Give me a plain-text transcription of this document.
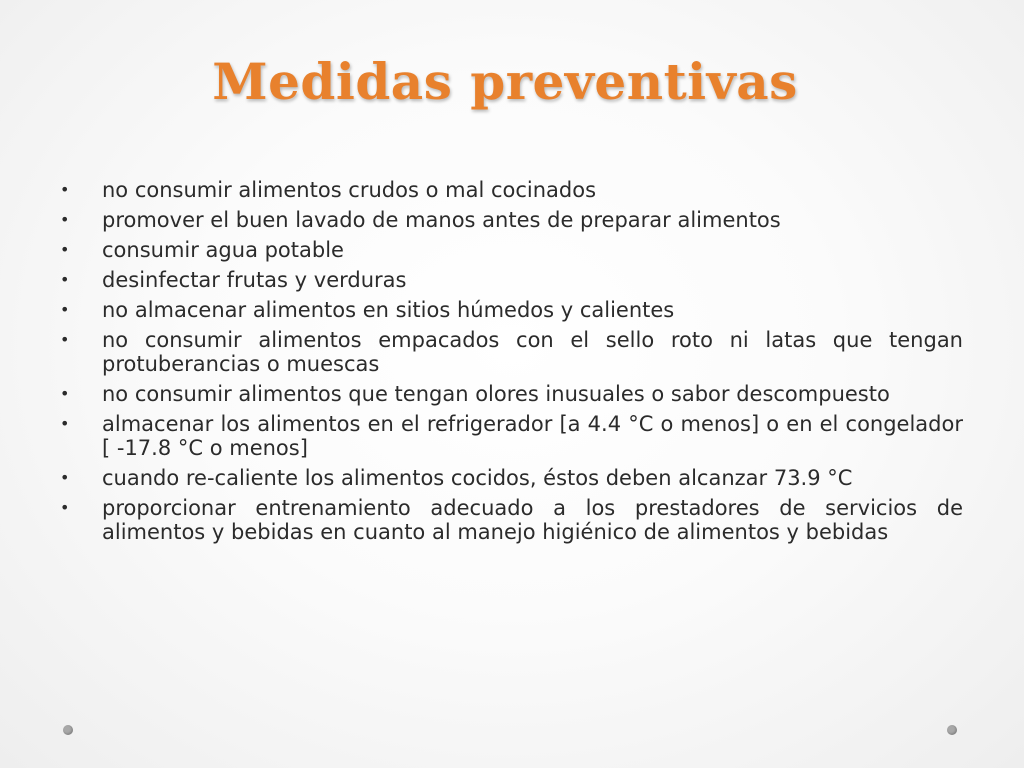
Medidas preventivas
• no consumir alimentos crudos o mal cocinados
• promover el buen lavado de manos antes de preparar alimentos
• consumir agua potable
• desinfectar frutas y verduras
• no almacenar alimentos en sitios húmedos y calientes
• no consumir alimentos empacados con el sello roto ni latas que tengan protuberancias o muescas
• no consumir alimentos que tengan olores inusuales o sabor descompuesto
• almacenar los alimentos en el refrigerador [a 4.4 °C o menos] o en el congelador [ -17.8 °C o menos]
• cuando re-caliente los alimentos cocidos, éstos deben alcanzar 73.9 °C
• proporcionar entrenamiento adecuado a los prestadores de servicios de alimentos y bebidas en cuanto al manejo higiénico de alimentos y bebidas
